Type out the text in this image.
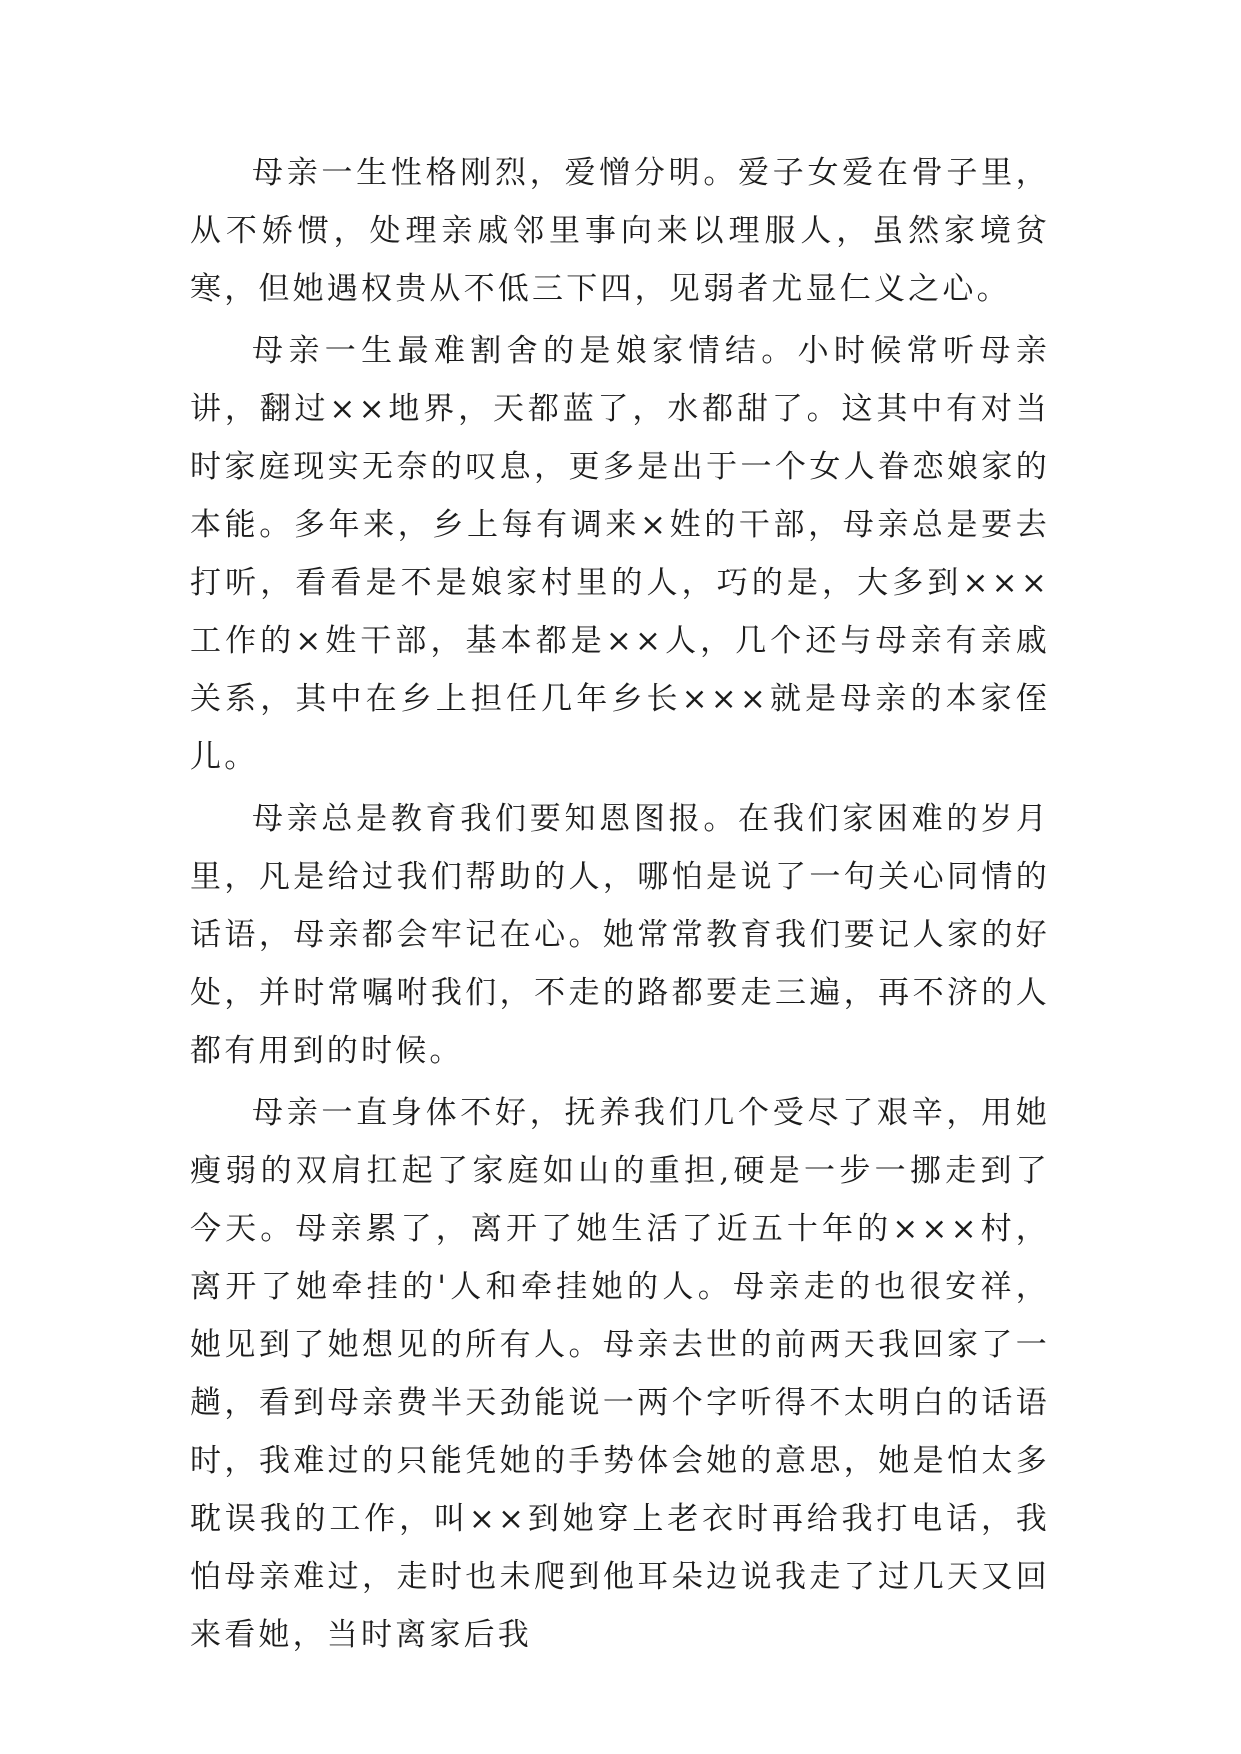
母亲一生性格刚烈，爱憎分明。爱子女爱在骨子里，从不娇惯，处理亲戚邻里事向来以理服人，虽然家境贫寒，但她遇权贵从不低三下四，见弱者尤显仁义之心。

母亲一生最难割舍的是娘家情结。小时候常听母亲讲，翻过××地界，天都蓝了，水都甜了。这其中有对当时家庭现实无奈的叹息，更多是出于一个女人眷恋娘家的本能。多年来，乡上每有调来×姓的干部，母亲总是要去打听，看看是不是娘家村里的人，巧的是，大多到×××工作的×姓干部，基本都是××人，几个还与母亲有亲戚关系，其中在乡上担任几年乡长×××就是母亲的本家侄儿。

母亲总是教育我们要知恩图报。在我们家困难的岁月里，凡是给过我们帮助的人，哪怕是说了一句关心同情的话语，母亲都会牢记在心。她常常教育我们要记人家的好处，并时常嘱咐我们，不走的路都要走三遍，再不济的人都有用到的时候。

母亲一直身体不好，抚养我们几个受尽了艰辛，用她瘦弱的双肩扛起了家庭如山的重担,硬是一步一挪走到了今天。母亲累了，离开了她生活了近五十年的×××村，离开了她牵挂的'人和牵挂她的人。母亲走的也很安祥，她见到了她想见的所有人。母亲去世的前两天我回家了一趟，看到母亲费半天劲能说一两个字听得不太明白的话语时，我难过的只能凭她的手势体会她的意思，她是怕太多耽误我的工作，叫××到她穿上老衣时再给我打电话，我怕母亲难过，走时也未爬到他耳朵边说我走了过几天又回来看她，当时离家后我
